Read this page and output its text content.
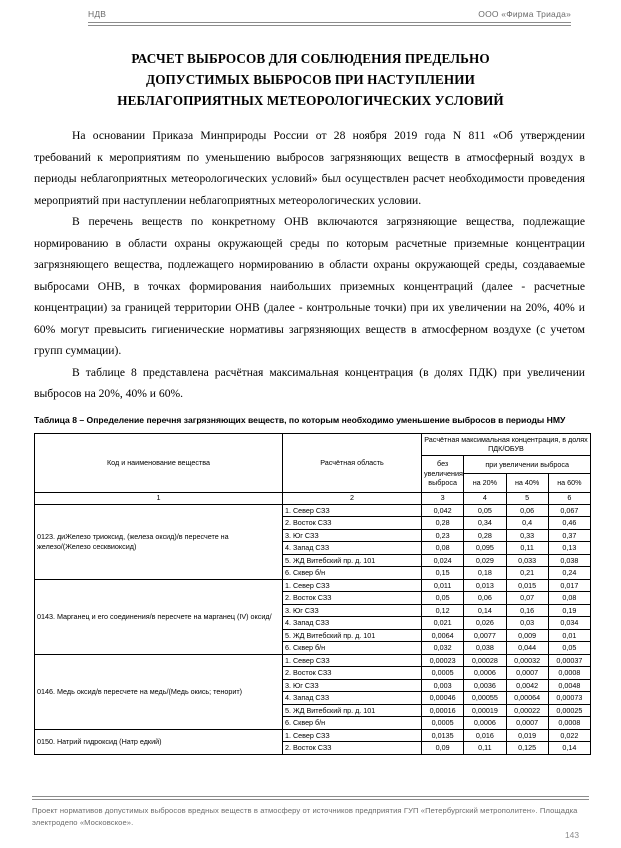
НДВ	ООО «Фирма Триада»
РАСЧЕТ ВЫБРОСОВ ДЛЯ СОБЛЮДЕНИЯ ПРЕДЕЛЬНО
ДОПУСТИМЫХ ВЫБРОСОВ ПРИ НАСТУПЛЕНИИ
НЕБЛАГОПРИЯТНЫХ МЕТЕОРОЛОГИЧЕСКИХ УСЛОВИЙ

На основании Приказа Минприроды России от 28 ноября 2019 года N 811 «Об утверждении требований к мероприятиям по уменьшению выбросов загрязняющих веществ в атмосферный воздух в периоды неблагоприятных метеорологических условий» был осуществлен расчет необходимости проведения мероприятий при наступлении неблагоприятных метеорологических условии.

В перечень веществ по конкретному ОНВ включаются загрязняющие вещества, подлежащие нормированию в области охраны окружающей среды по которым расчетные приземные концентрации загрязняющего вещества, подлежащего нормированию в области охраны окружающей среды, создаваемые выбросами ОНВ, в точках формирования наибольших приземных концентраций (далее - расчетные концентрации) за границей территории ОНВ (далее - контрольные точки) при их увеличении на 20%, 40% и 60% могут превысить гигиенические нормативы загрязняющих веществ в атмосферном воздухе (с учетом групп суммации).

В таблице 8 представлена расчётная максимальная концентрация (в долях ПДК) при увеличении выбросов на 20%, 40% и 60%.

Таблица 8 – Определение перечня загрязняющих веществ, по которым необходимо уменьшение выбросов в периоды НМУ
Код и наименование вещества	Расчётная область	Расчётная максимальная концентрация, в долях ПДК/ОБУВ			
		без увеличения выброса	при увеличении выброса		
			на 20%	на 40%	на 60%
1	2	3	4	5	6
0123. диЖелезо триоксид, (железа оксид)/в пересчете на железо/(Железо сесквиоксид)	1. Север СЗЗ	0,042	0,05	0,06	0,067
	2. Восток СЗЗ	0,28	0,34	0,4	0,46
	3. Юг СЗЗ	0,23	0,28	0,33	0,37
	4. Запад СЗЗ	0,08	0,095	0,11	0,13
	5. ЖД Витебский пр. д. 101	0,024	0,029	0,033	0,038
	6. Сквер б/н	0,15	0,18	0,21	0,24
0143. Марганец и его соединения/в пересчете на марганец (IV) оксид/	1. Север СЗЗ	0,011	0,013	0,015	0,017
	2. Восток СЗЗ	0,05	0,06	0,07	0,08
	3. Юг СЗЗ	0,12	0,14	0,16	0,19
	4. Запад СЗЗ	0,021	0,026	0,03	0,034
	5. ЖД Витебский пр. д. 101	0,0064	0,0077	0,009	0,01
	6. Сквер б/н	0,032	0,038	0,044	0,05
0146. Медь оксид/в пересчете на медь/(Медь окись; тенорит)	1. Север СЗЗ	0,00023	0,00028	0,00032	0,00037
	2. Восток СЗЗ	0,0005	0,0006	0,0007	0,0008
	3. Юг СЗЗ	0,003	0,0036	0,0042	0,0048
	4. Запад СЗЗ	0,00046	0,00055	0,00064	0,00073
	5. ЖД Витебский пр. д. 101	0,00016	0,00019	0,00022	0,00025
	6. Сквер б/н	0,0005	0,0006	0,0007	0,0008
0150. Натрий гидроксид (Натр едкий)	1. Север СЗЗ	0,0135	0,016	0,019	0,022
	2. Восток СЗЗ	0,09	0,11	0,125	0,14
Проект нормативов допустимых выбросов вредных веществ в атмосферу от источников предприятия ГУП «Петербургский метрополитен». Площадка электродепо «Московское».
143
